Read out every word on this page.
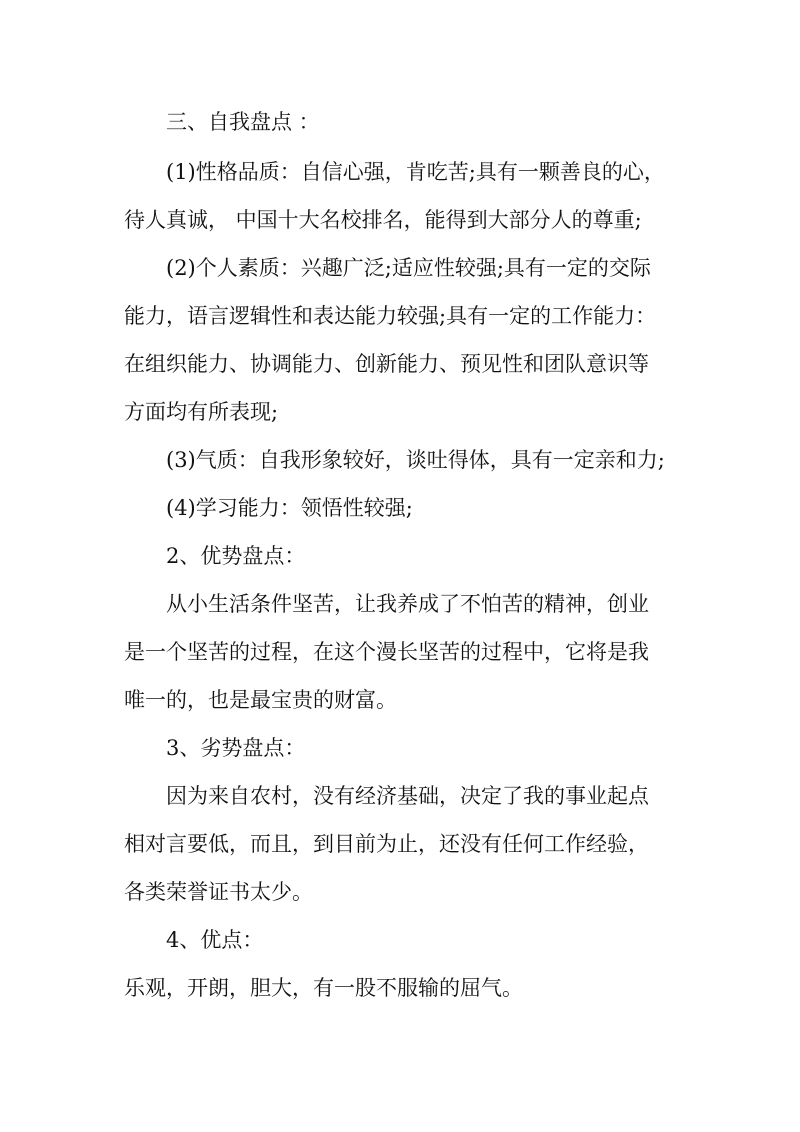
三、自我盘点 ：
(1)性格品质：自信心强，肯吃苦;具有一颗善良的心，
待人真诚， 中国十大名校排名，能得到大部分人的尊重;
(2)个人素质：兴趣广泛;适应性较强;具有一定的交际
能力，语言逻辑性和表达能力较强;具有一定的工作能力：
在组织能力、协调能力、创新能力、预见性和团队意识等
方面均有所表现;
(3)气质：自我形象较好，谈吐得体，具有一定亲和力;
(4)学习能力：领悟性较强;
2、优势盘点：
从小生活条件坚苦，让我养成了不怕苦的精神，创业
是一个坚苦的过程，在这个漫长坚苦的过程中，它将是我
唯一的，也是最宝贵的财富。
3、劣势盘点：
因为来自农村，没有经济基础，决定了我的事业起点
相对言要低，而且，到目前为止，还没有任何工作经验，
各类荣誉证书太少。
4、优点：
乐观，开朗，胆大，有一股不服输的屈气。
